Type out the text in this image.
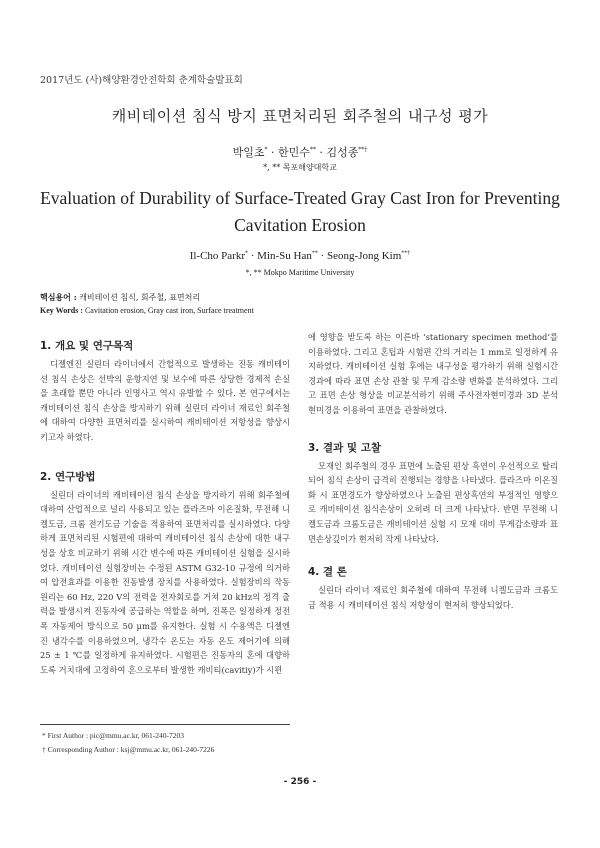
2017년도 (사)해양환경안전학회 춘계학술발표회
캐비테이션 침식 방지 표면처리된 회주철의 내구성 평가
박일초* · 한민수** · 김성종**†
*, ** 목포해양대학교
Evaluation of Durability of Surface-Treated Gray Cast Iron for Preventing Cavitation Erosion
Il-Cho Parkr* · Min-Su Han** · Seong-Jong Kim**†
*, ** Mokpo Maritime University
핵심용어 : 캐비테이션 침식, 회주철, 표면처리
Key Words : Cavitation erosion, Gray cast iron, Surface treatment
1. 개요 및 연구목적
디젤엔진 실린더 라이너에서 간헐적으로 발생하는 진동 캐비테이션 침식 손상은 선박의 운항지연 및 보수에 따른 상당한 경제적 손실을 초래할 뿐만 아니라 인명사고 역시 유발할 수 있다. 본 연구에서는 캐비테이션 침식 손상을 방지하기 위해 실린더 라이너 재료인 회주철에 대하여 다양한 표면처리를 실시하여 캐비테이션 저항성을 향상시키고자 하였다.
2. 연구방법
실린더 라이너의 캐비테이션 침식 손상을 방지하기 위해 회주철에 대하여 산업적으로 널리 사용되고 있는 플라즈마 이온질화, 무전해 니켈도금, 크롬 전기도금 기술을 적용하여 표면처리를 실시하였다. 다양하게 표면처리된 시험편에 대하여 캐비테이션 침식 손상에 대한 내구성을 상호 비교하기 위해 시간 변수에 따른 캐비테이션 실험을 실시하였다. 캐비테이션 실험장비는 수정된 ASTM G32-10 규정에 의거하여 압전효과를 이용한 진동발생 장치를 사용하였다. 실험장비의 작동원리는 60 Hz, 220 V의 전력을 전자회로를 거쳐 20 kHz의 정격 출력을 발생시켜 진동자에 공급하는 역할을 하며, 진폭은 일정하게 정전폭 자동제어 방식으로 50 μm를 유지한다. 실험 시 수용액은 디젤엔진 냉각수를 이용하였으며, 냉각수 온도는 자동 온도 제어기에 의해 25 ± 1 ℃를 일정하게 유지하였다. 시험편은 진동자의 혼에 대향하도록 거치대에 고정하여 혼으로부터 발생한 캐비티(cavitiy)가 시편
에 영향을 받도록 하는 이른바 ‘stationary specimen method’를 이용하였다. 그리고 혼팁과 시험편 간의 거리는 1 mm로 일정하게 유지하였다. 캐비테이션 실험 후에는 내구성을 평가하기 위해 실험시간 경과에 따라 표면 손상 관찰 및 무게 감소량 변화를 분석하였다. 그리고 표면 손상 형상을 비교분석하기 위해 주사전자현미경과 3D 분석 현미경을 이용하여 표면을 관찰하였다.
3. 결과 및 고찰
모재인 회주철의 경우 표면에 노출된 편상 흑연이 우선적으로 탈리되어 침식 손상이 급격히 진행되는 경향을 나타냈다. 플라즈마 이온질화 시 표면경도가 향상하였으나 노출된 편상흑연의 부정적인 영향으로 캐비테이션 침식손상이 오히려 더 크게 나타났다. 반면 무전해 니켈도금과 크롬도금은 캐비테이션 실험 시 모재 대비 무게감소량과 표면손상깊이가 현저히 작게 나타났다.
4. 결 론
실린더 라이너 재료인 회주철에 대하여 무전해 니켈도금과 크롬도금 적용 시 캐비테이션 침식 저항성이 현저히 향상되었다.
* First Author : pic@mmu.ac.kr, 061-240-7203
† Corresponding Author : ksj@mmu.ac.kr, 061-240-7226
- 256 -
